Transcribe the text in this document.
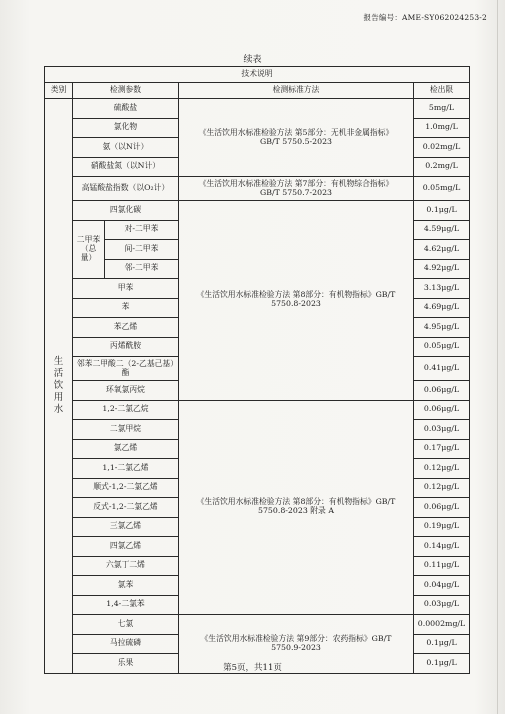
报告编号：AME-SY062024253-2
续表
技术说明				
类别	检测参数		检测标准方法	检出限

生
活
饮
用
水	硫酸盐		《生活饮用水标准检验方法 第5部分：无机非金属指标》GB/T 5750.5-2023	5mg/L
	氯化物			1.0mg/L
	氨（以N计）			0.02mg/L
	硝酸盐氮（以N计）			0.2mg/L
	高锰酸盐指数（以O₂计）		《生活饮用水标准检验方法 第7部分：有机物综合指标》GB/T 5750.7-2023	0.05mg/L
	四氯化碳		《生活饮用水标准检验方法 第8部分：有机物指标》GB/T 5750.8-2023	0.1μg/L
	二甲苯（总量）	对-二甲苯		4.59μg/L
		间-二甲苯		4.62μg/L
		邻-二甲苯		4.92μg/L
	甲苯			3.13μg/L
	苯			4.69μg/L
	苯乙烯			4.95μg/L
	丙烯酰胺			0.05μg/L
	邻苯二甲酸二（2-乙基己基）酯			0.41μg/L
	环氧氯丙烷			0.06μg/L
	1,2-二氯乙烷		《生活饮用水标准检验方法 第8部分：有机物指标》GB/T 5750.8-2023 附录 A	0.06μg/L
	二氯甲烷			0.03μg/L
	氯乙烯			0.17μg/L
	1,1-二氯乙烯			0.12μg/L
	顺式-1,2-二氯乙烯			0.12μg/L
	反式-1,2-二氯乙烯			0.06μg/L
	三氯乙烯			0.19μg/L
	四氯乙烯			0.14μg/L
	六氯丁二烯			0.11μg/L
	氯苯			0.04μg/L
	1,4-二氯苯			0.03μg/L
	七氯		《生活饮用水标准检验方法 第9部分：农药指标》GB/T 5750.9-2023	0.0002mg/L
	马拉硫磷			0.1μg/L
	乐果			0.1μg/L
第5页，共11页
